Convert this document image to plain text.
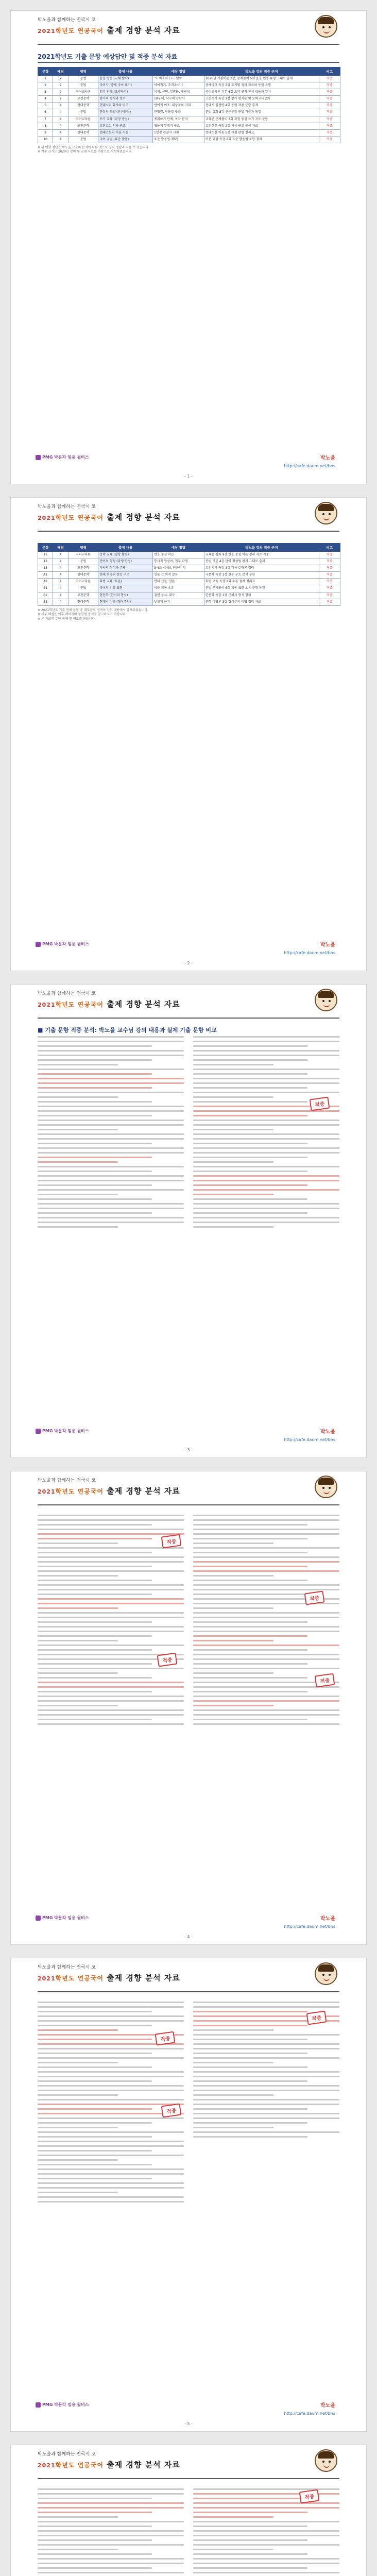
박노을과 함께하는 전국시 코
2021학년도 연공국어 출제 경향 분석 자료
2021학년도 기출 문항 예상답안 및 적중 분석 자료
문항	배점	영역	출제 내용	예상 정답	박노을 강의 적중 근거	비고
1	2	문법	음운 변동 (교체·탈락)	ㄱ: 비음화 / ㄴ: 탈락	2020년 기본이론 2강, 문제풀이 5회 음운 변동 유형 그대로 출제	적중
2	2	문법	국어사 (중세 국어 표기)	이어적기, 주격조사 ㅣ	중세국어 특강 3강 표기법 정리 자료와 동일 유형	적중
3	2	국어교육론	읽기 전략 (요약하기)	삭제, 선택, 일반화, 재구성	국어교육론 기본 6강 요약 규칙 판서 내용과 일치	적중
4	2	고전문학	향가의 형식과 정서	10구체, 낙구의 감탄사	고전시가 특강 1강 향가 형식론 및 모의고사 2회	적중
5	4	현대문학	현대시의 화자와 어조	반어적 어조, 대상과의 거리	현대시 실전반 4회 동일 작품 문항 출제	적중
6	4	문법	문장의 짜임 (안은문장)	관형절, 인용절 구분	문법 심화 8강 안은문장 판별 기준과 동일	적중
7	4	국어교육론	쓰기 교육 (과정 중심)	계획하기 단계, 독자 분석	교육론 문제풀이 3회 과정 중심 쓰기 지도 문항	적중
8	4	고전문학	고전소설 서사 구조	영웅의 일대기 구조	고전산문 특강 2강 서사 구조 분석 자료	적중
9	4	현대문학	현대소설의 서술 시점	1인칭 관찰자 시점	현대소설 이론 5강 시점 판별 정리표	적중
10	4	문법	국어 규범 (표준 발음)	표준 발음법 제5항	어문 규범 특강 2회 표준 발음법 조항 정리	적중
※ 위 예상 정답은 박노을 교수의 분석에 따른 것으로 공식 정답과 다를 수 있습니다.
※ 적중 근거는 2020년 강의 및 교재 자료를 바탕으로 작성하였습니다.
PMG 박문각 임용 윌비스	박노을
http://cafe.daum.net/bns
- 1 -
박노을과 함께하는 전국시 코
2021학년도 연공국어 출제 경향 분석 자료
문항	배점	영역	출제 내용	예상 정답	박노을 강의 적중 근거	비고
11	4	국어교육론	문학 교육 (감상 활동)	반응 중심 학습	교육론 심화 9강 반응 중심 이론 정리 자료 적중	적중
12	4	문법	단어의 형성 (파생·합성)	통사적 합성어, 접두 파생	문법 기본 4강 단어 형성법 판서 그대로 출제	적중
13	4	고전문학	가사의 형식과 주제	3·4조 4음보, 연군의 정	고전시가 특강 3강 가사 갈래론 정리	적중
A1	4	현대문학	현대 희곡의 갈등 구조	인물 간 외적 갈등	극문학 특강 1강 갈등 구조 분석 문항	적중
A2	4	국어교육론	화법 교육 (토론)	반대 신문, 입론	화법 교육 특강 2회 토론 절차 정리표	적중
B1	4	문법	국어의 피동 표현	이중 피동 오류	문법 문제풀이 6회 피동 표현 오류 문항 동일	적중
B2	4	고전문학	한문학 (한시의 형식)	칠언 율시, 대구	한문학 특강 1강 근체시 형식 정리	적중
B3	4	현대문학	현대시 비평 (형식주의)	낯설게 하기	문학 비평론 3강 형식주의 비평 정리 자료	적중
※ 2021학년도 기출 전체 문항 중 대부분의 영역이 강의 내용에서 출제되었습니다.
※ 세부 해설은 이후 페이지의 문항별 분석을 참고하시기 바랍니다.
※ 본 자료의 무단 복제 및 배포를 금합니다.
PMG 박문각 임용 윌비스	박노을
http://cafe.daum.net/bns
- 2 -
박노을과 함께하는 전국시 코
2021학년도 연공국어 출제 경향 분석 자료
■ 기출 문항 적중 분석: 박노을 교수님 강의 내용과 실제 기출 문항 비교
적중
PMG 박문각 임용 윌비스	박노을
http://cafe.daum.net/bns
- 3 -
박노을과 함께하는 전국시 코
2021학년도 연공국어 출제 경향 분석 자료
적중
적중
적중
적중
PMG 박문각 임용 윌비스	박노을
http://cafe.daum.net/bns
- 4 -
박노을과 함께하는 전국시 코
2021학년도 연공국어 출제 경향 분석 자료
적중
적중
적중
PMG 박문각 임용 윌비스	박노을
http://cafe.daum.net/bns
- 5 -
박노을과 함께하는 전국시 코
2021학년도 연공국어 출제 경향 분석 자료
적중
